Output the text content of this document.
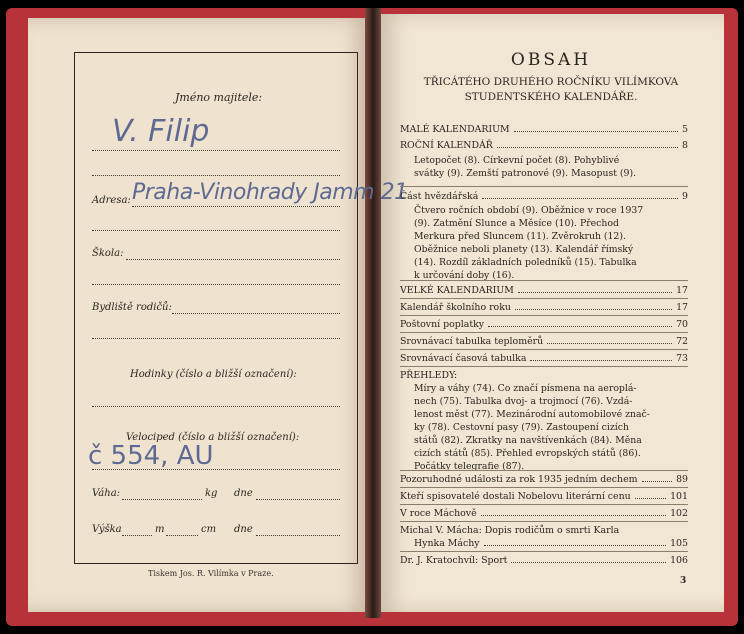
Jméno majitele:
V. Filip
Adresa: Praha-Vinohrady Jamm 21
Škola:
Bydliště rodičů:
Hodinky (číslo a bližší označení):
Velociped (číslo a bližší označení):
č 554, AU
Váha:	kg dne
Výška	m	cm dne
Tiskem Jos. R. Vilímka v Praze.
OBSAH
TŘICÁTÉHO DRUHÉHO ROČNÍKU VILÍMKOVA
STUDENTSKÉHO KALENDÁŘE.
MALÉ KALENDARIUM	5
ROČNÍ KALENDÁŘ	8
Letopočet (8). Církevní počet (8). Pohyblivé
svátky (9). Zemští patronové (9). Masopust (9).
Část hvězdářská	9
Čtvero ročních období (9). Oběžnice v roce 1937
(9). Zatmění Slunce a Měsíce (10). Přechod
Merkura před Sluncem (11). Zvěrokruh (12).
Oběžnice neboli planety (13). Kalendář římský
(14). Rozdíl základních poledníků (15). Tabulka
k určování doby (16).
VELKÉ KALENDARIUM	17
Kalendář školního roku	17
Poštovní poplatky	70
Srovnávací tabulka teploměrů	72
Srovnávací časová tabulka	73
PŘEHLEDY:
Míry a váhy (74). Co značí písmena na aeroplá-
nech (75). Tabulka dvoj- a trojmocí (76). Vzdá-
lenost měst (77). Mezinárodní automobilové znač-
ky (78). Cestovní pasy (79). Zastoupení cizích
států (82). Zkratky na navštívenkách (84). Měna
cizích států (85). Přehled evropských států (86).
Počátky telegrafie (87).
Pozoruhodné události za rok 1935 jedním dechem	89
Kteří spisovatelé dostali Nobelovu literární cenu	101
V roce Máchově	102
Michal V. Mácha: Dopis rodičům o smrti Karla
Hynka Máchy	105
Dr. J. Kratochvíl: Sport	106
3
